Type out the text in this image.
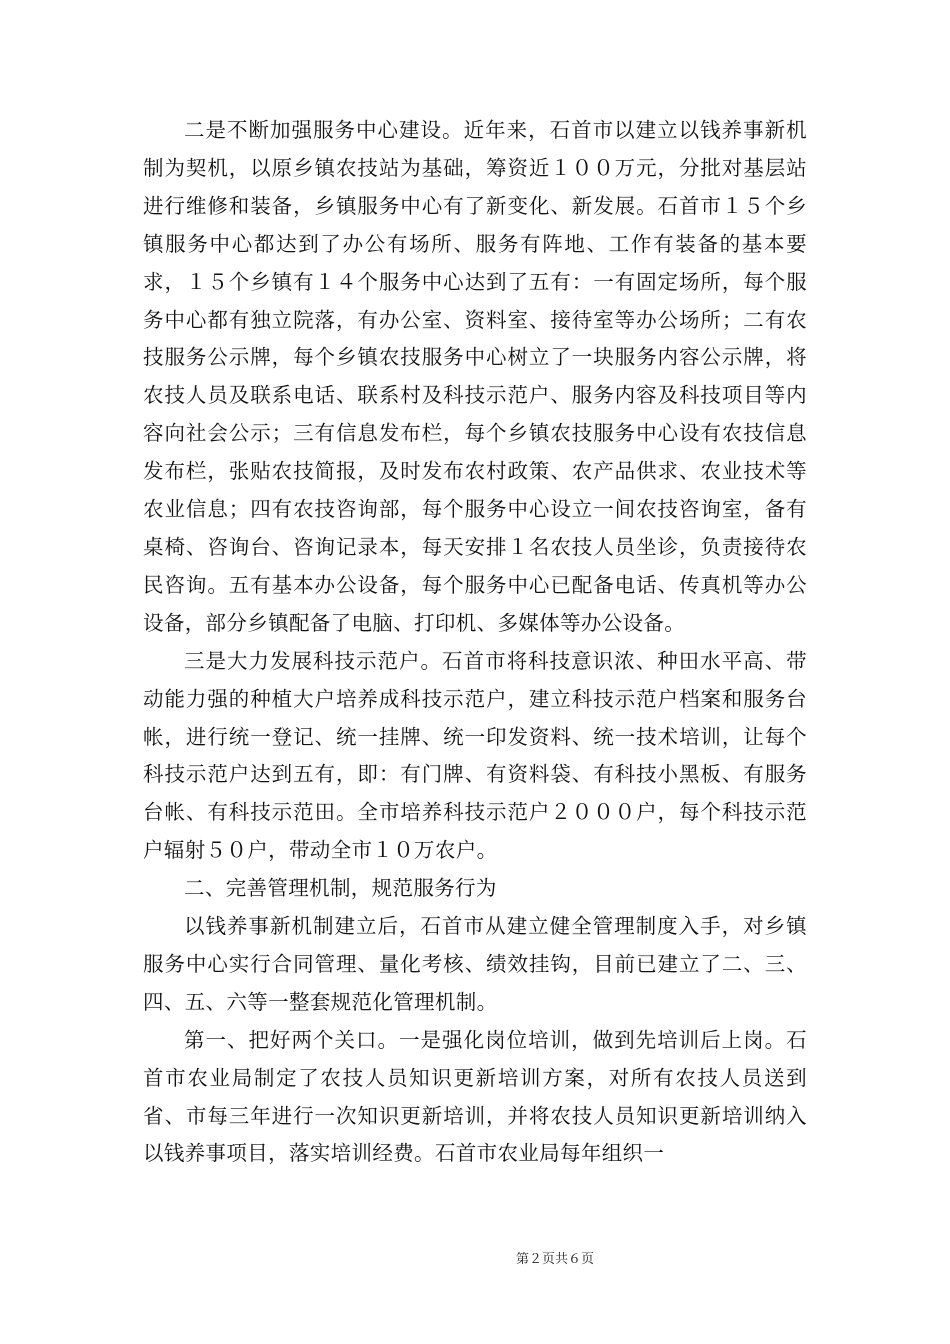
二是不断加强服务中心建设。近年来，石首市以建立以钱养事新机制为契机，以原乡镇农技站为基础，筹资近１００万元，分批对基层站进行维修和装备，乡镇服务中心有了新变化、新发展。石首市１５个乡镇服务中心都达到了办公有场所、服务有阵地、工作有装备的基本要求，１５个乡镇有１４个服务中心达到了五有：一有固定场所，每个服务中心都有独立院落，有办公室、资料室、接待室等办公场所；二有农技服务公示牌，每个乡镇农技服务中心树立了一块服务内容公示牌，将农技人员及联系电话、联系村及科技示范户、服务内容及科技项目等内容向社会公示；三有信息发布栏，每个乡镇农技服务中心设有农技信息发布栏，张贴农技简报，及时发布农村政策、农产品供求、农业技术等农业信息；四有农技咨询部，每个服务中心设立一间农技咨询室，备有桌椅、咨询台、咨询记录本，每天安排１名农技人员坐诊，负责接待农民咨询。五有基本办公设备，每个服务中心已配备电话、传真机等办公设备，部分乡镇配备了电脑、打印机、多媒体等办公设备。

三是大力发展科技示范户。石首市将科技意识浓、种田水平高、带动能力强的种植大户培养成科技示范户，建立科技示范户档案和服务台帐，进行统一登记、统一挂牌、统一印发资料、统一技术培训，让每个科技示范户达到五有，即：有门牌、有资料袋、有科技小黑板、有服务台帐、有科技示范田。全市培养科技示范户２０００户，每个科技示范户辐射５０户，带动全市１０万农户。

二、完善管理机制，规范服务行为

以钱养事新机制建立后，石首市从建立健全管理制度入手，对乡镇服务中心实行合同管理、量化考核、绩效挂钩，目前已建立了二、三、四、五、六等一整套规范化管理机制。

第一、把好两个关口。一是强化岗位培训，做到先培训后上岗。石首市农业局制定了农技人员知识更新培训方案，对所有农技人员送到省、市每三年进行一次知识更新培训，并将农技人员知识更新培训纳入以钱养事项目，落实培训经费。石首市农业局每年组织一

第２页共６页
